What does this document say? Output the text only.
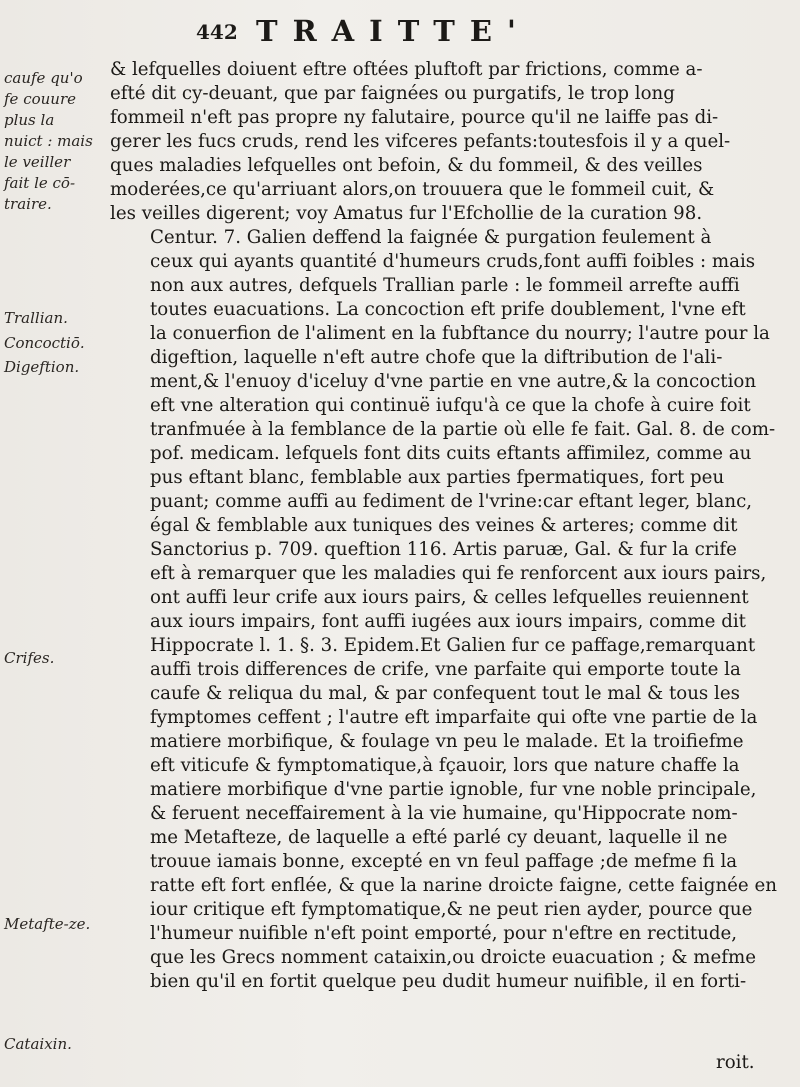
442 TRAITTE'
caufe qu'o fe couure plus la nuict : mais le veiller fait le cō-traire.
Trallian.
Concoctiō.
Digeftion.
Crifes.
Metafte-ze.
Cataixin.
& lefquelles doiuent eftre oftées pluftoft par frictions, comme a-
efté dit cy-deuant, que par faignées ou purgatifs, le trop long
fommeil n'eft pas propre ny falutaire, pource qu'il ne laiffe pas di-
gerer les fucs cruds, rend les vifceres pefants:toutesfois il y a quel-
ques maladies lefquelles ont befoin, & du fommeil, & des veilles
moderées,ce qu'arriuant alors,on trouuera que le fommeil cuit, &
les veilles digerent; voy Amatus fur l'Efchollie de la curation 98.
Centur. 7. Galien deffend la faignée & purgation feulement à
ceux qui ayants quantité d'humeurs cruds,font auffi foibles : mais
non aux autres, defquels Trallian parle : le fommeil arrefte auffi
toutes euacuations. La concoction eft prife doublement, l'vne eft
la conuerfion de l'aliment en la fubftance du nourry; l'autre pour la
digeftion, laquelle n'eft autre chofe que la diftribution de l'ali-
ment,& l'enuoy d'iceluy d'vne partie en vne autre,& la concoction
eft vne alteration qui continuë iufqu'à ce que la chofe à cuire foit
tranfmuée à la femblance de la partie où elle fe fait. Gal. 8. de com-
pof. medicam. lefquels font dits cuits eftants affimilez, comme au
pus eftant blanc, femblable aux parties fpermatiques, fort peu
puant; comme auffi au fediment de l'vrine:car eftant leger, blanc,
égal & femblable aux tuniques des veines & arteres; comme dit
Sanctorius p. 709. queftion 116. Artis paruæ, Gal. & fur la crife
eft à remarquer que les maladies qui fe renforcent aux iours pairs,
ont auffi leur crife aux iours pairs, & celles lefquelles reuiennent
aux iours impairs, font auffi iugées aux iours impairs, comme dit
Hippocrate l. 1. §. 3. Epidem.Et Galien fur ce paffage,remarquant
auffi trois differences de crife, vne parfaite qui emporte toute la
caufe & reliqua du mal, & par confequent tout le mal & tous les
fymptomes ceffent ; l'autre eft imparfaite qui ofte vne partie de la
matiere morbifique, & foulage vn peu le malade. Et la troifiefme
eft viticufe & fymptomatique,à fçauoir, lors que nature chaffe la
matiere morbifique d'vne partie ignoble, fur vne noble principale,
& feruent neceffairement à la vie humaine, qu'Hippocrate nom-
me Metafteze, de laquelle a efté parlé cy deuant, laquelle il ne
trouue iamais bonne, excepté en vn feul paffage ;de mefme fi la
ratte eft fort enflée, & que la narine droicte faigne, cette faignée en
iour critique eft fymptomatique,& ne peut rien ayder, pource que
l'humeur nuifible n'eft point emporté, pour n'eftre en rectitude,
que les Grecs nomment cataixin,ou droicte euacuation ; & mefme
bien qu'il en fortit quelque peu dudit humeur nuifible, il en forti-
roit.
